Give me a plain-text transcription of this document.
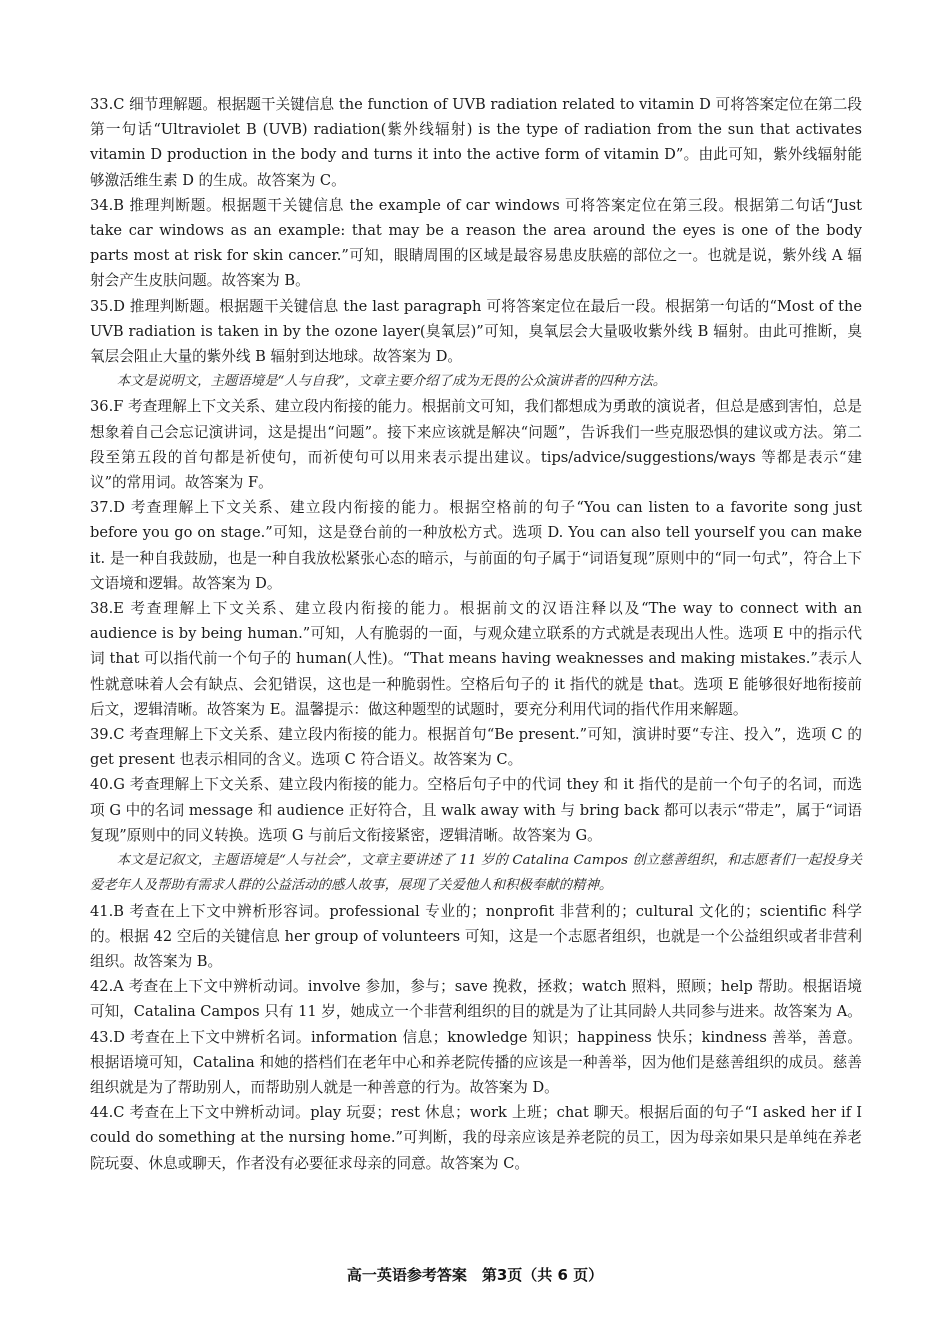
33.C 细节理解题。根据题干关键信息 the function of UVB radiation related to vitamin D 可将答案定位在第二段第一句话“Ultraviolet B (UVB) radiation(紫外线辐射) is the type of radiation from the sun that activates vitamin D production in the body and turns it into the active form of vitamin D”。由此可知，紫外线辐射能够激活维生素 D 的生成。故答案为 C。

34.B 推理判断题。根据题干关键信息 the example of car windows 可将答案定位在第三段。根据第二句话“Just take car windows as an example: that may be a reason the area around the eyes is one of the body parts most at risk for skin cancer.”可知，眼睛周围的区域是最容易患皮肤癌的部位之一。也就是说，紫外线 A 辐射会产生皮肤问题。故答案为 B。

35.D 推理判断题。根据题干关键信息 the last paragraph 可将答案定位在最后一段。根据第一句话的“Most of the UVB radiation is taken in by the ozone layer(臭氧层)”可知，臭氧层会大量吸收紫外线 B 辐射。由此可推断，臭氧层会阻止大量的紫外线 B 辐射到达地球。故答案为 D。

本文是说明文，主题语境是“人与自我”，文章主要介绍了成为无畏的公众演讲者的四种方法。

36.F 考查理解上下文关系、建立段内衔接的能力。根据前文可知，我们都想成为勇敢的演说者，但总是感到害怕，总是想象着自己会忘记演讲词，这是提出“问题”。接下来应该就是解决“问题”，告诉我们一些克服恐惧的建议或方法。第二段至第五段的首句都是祈使句，而祈使句可以用来表示提出建议。tips/advice/suggestions/ways 等都是表示“建议”的常用词。故答案为 F。

37.D 考查理解上下文关系、建立段内衔接的能力。根据空格前的句子“You can listen to a favorite song just before you go on stage.”可知，这是登台前的一种放松方式。选项 D. You can also tell yourself you can make it. 是一种自我鼓励，也是一种自我放松紧张心态的暗示，与前面的句子属于“词语复现”原则中的“同一句式”，符合上下文语境和逻辑。故答案为 D。

38.E 考查理解上下文关系、建立段内衔接的能力。根据前文的汉语注释以及“The way to connect with an audience is by being human.”可知，人有脆弱的一面，与观众建立联系的方式就是表现出人性。选项 E 中的指示代词 that 可以指代前一个句子的 human(人性)。“That means having weaknesses and making mistakes.”表示人性就意味着人会有缺点、会犯错误，这也是一种脆弱性。空格后句子的 it 指代的就是 that。选项 E 能够很好地衔接前后文，逻辑清晰。故答案为 E。温馨提示：做这种题型的试题时，要充分利用代词的指代作用来解题。

39.C 考查理解上下文关系、建立段内衔接的能力。根据首句“Be present.”可知，演讲时要“专注、投入”，选项 C 的 get present 也表示相同的含义。选项 C 符合语义。故答案为 C。

40.G 考查理解上下文关系、建立段内衔接的能力。空格后句子中的代词 they 和 it 指代的是前一个句子的名词，而选项 G 中的名词 message 和 audience 正好符合，且 walk away with 与 bring back 都可以表示“带走”，属于“词语复现”原则中的同义转换。选项 G 与前后文衔接紧密，逻辑清晰。故答案为 G。

本文是记叙文，主题语境是“人与社会”，文章主要讲述了 11 岁的 Catalina Campos 创立慈善组织，和志愿者们一起投身关爱老年人及帮助有需求人群的公益活动的感人故事，展现了关爱他人和积极奉献的精神。

41.B 考查在上下文中辨析形容词。professional 专业的；nonprofit 非营利的；cultural 文化的；scientific 科学的。根据 42 空后的关键信息 her group of volunteers 可知，这是一个志愿者组织，也就是一个公益组织或者非营利组织。故答案为 B。

42.A 考查在上下文中辨析动词。involve 参加，参与；save 挽救，拯救；watch 照料，照顾；help 帮助。根据语境可知，Catalina Campos 只有 11 岁，她成立一个非营利组织的目的就是为了让其同龄人共同参与进来。故答案为 A。

43.D 考查在上下文中辨析名词。information 信息；knowledge 知识；happiness 快乐；kindness 善举，善意。根据语境可知，Catalina 和她的搭档们在老年中心和养老院传播的应该是一种善举，因为他们是慈善组织的成员。慈善组织就是为了帮助别人，而帮助别人就是一种善意的行为。故答案为 D。

44.C 考查在上下文中辨析动词。play 玩耍；rest 休息；work 上班；chat 聊天。根据后面的句子“I asked her if I could do something at the nursing home.”可判断，我的母亲应该是养老院的员工，因为母亲如果只是单纯在养老院玩耍、休息或聊天，作者没有必要征求母亲的同意。故答案为 C。

高一英语参考答案　第3页（共 6 页）
